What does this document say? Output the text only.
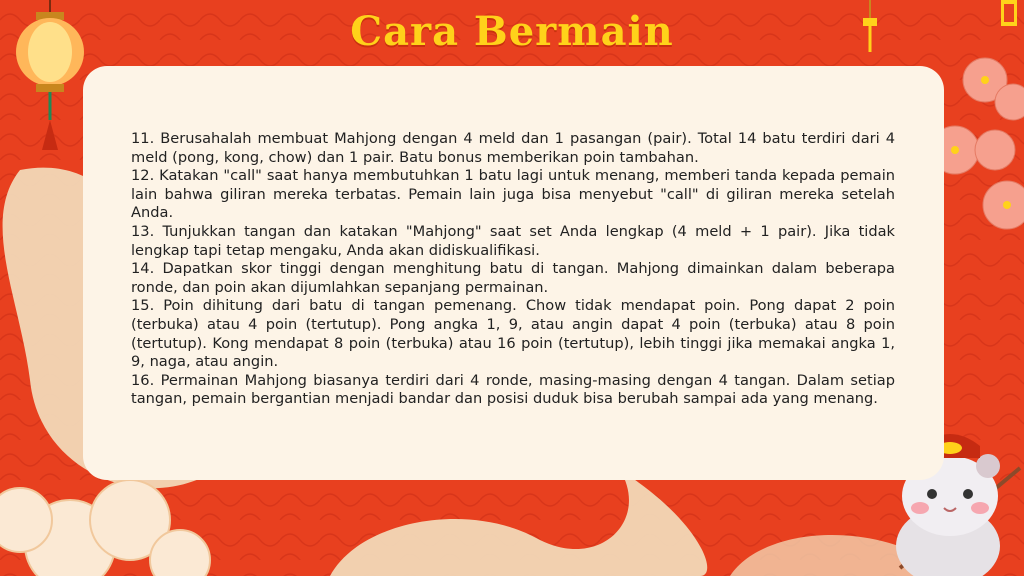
Cara Bermain

11. Berusahalah membuat Mahjong dengan 4 meld dan 1 pasangan (pair). Total 14 batu terdiri dari 4 meld (pong, kong, chow) dan 1 pair. Batu bonus memberikan poin tambahan.

12. Katakan "call" saat hanya membutuhkan 1 batu lagi untuk menang, memberi tanda kepada pemain lain bahwa giliran mereka terbatas. Pemain lain juga bisa menyebut "call" di giliran mereka setelah Anda.

13. Tunjukkan tangan dan katakan "Mahjong" saat set Anda lengkap (4 meld + 1 pair). Jika tidak lengkap tapi tetap mengaku, Anda akan didiskualifikasi.

14. Dapatkan skor tinggi dengan menghitung batu di tangan. Mahjong dimainkan dalam beberapa ronde, dan poin akan dijumlahkan sepanjang permainan.

15. Poin dihitung dari batu di tangan pemenang. Chow tidak mendapat poin. Pong dapat 2 poin (terbuka) atau 4 poin (tertutup). Pong angka 1, 9, atau angin dapat 4 poin (terbuka) atau 8 poin (tertutup). Kong mendapat 8 poin (terbuka) atau 16 poin (tertutup), lebih tinggi jika memakai angka 1, 9, naga, atau angin.

16. Permainan Mahjong biasanya terdiri dari 4 ronde, masing-masing dengan 4 tangan. Dalam setiap tangan, pemain bergantian menjadi bandar dan posisi duduk bisa berubah sampai ada yang menang.
